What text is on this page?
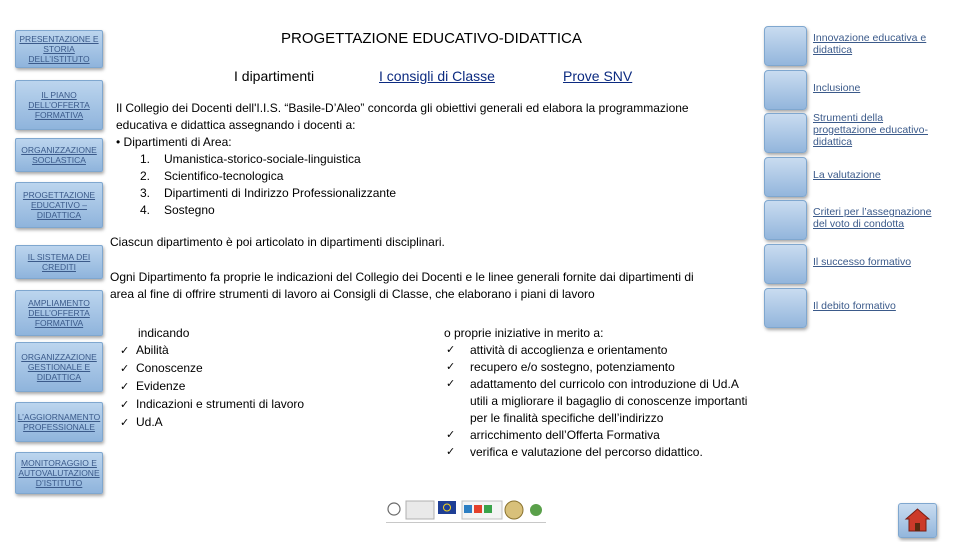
PRESENTAZIONE E STORIA DELL’ISTITUTO
IL PIANO DELL’OFFERTA FORMATIVA
ORGANIZZAZIONE SOCLASTICA
PROGETTAZIONE EDUCATIVO – DIDATTICA
IL SISTEMA DEI CREDITI
AMPLIAMENTO DELL’OFFERTA FORMATIVA
ORGANIZZAZIONE GESTIONALE E DIDATTICA
L’AGGIORNAMENTO PROFESSIONALE
MONITORAGGIO E AUTOVALUTAZIONE D’ISTITUTO
PROGETTAZIONE EDUCATIVO-DIDATTICA
I dipartimenti	I consigli di Classe	Prove SNV
Il Collegio dei Docenti dell'I.I.S. “Basile-D’Aleo” concorda gli obiettivi generali ed elabora la programmazione
educativa e didattica assegnando i docenti a:
• Dipartimenti di Area:
1. Umanistica-storico-sociale-linguistica
2. Scientifico-tecnologica
3. Dipartimenti di Indirizzo Professionalizzante
4. Sostegno
Ciascun dipartimento è poi articolato in dipartimenti disciplinari.
Ogni Dipartimento fa proprie le indicazioni del Collegio dei Docenti e le linee generali fornite dai dipartimenti di
area al fine di offrire strumenti di lavoro ai Consigli di Classe, che elaborano i piani di lavoro
indicando
✓ Abilità
✓ Conoscenze
✓ Evidenze
✓ Indicazioni e strumenti di lavoro
✓ Ud.A
o proprie iniziative in merito a:
✓	attività di accoglienza e orientamento
✓	recupero e/o sostegno, potenziamento
✓	adattamento del curricolo con introduzione di Ud.A utili a migliorare il bagaglio di conoscenze importanti per le finalità specifiche dell’indirizzo
✓	arricchimento dell’Offerta Formativa
✓	verifica e valutazione del percorso didattico.
Innovazione educativa e didattica
Inclusione
Strumenti della progettazione educativo-didattica
La valutazione
Criteri per l’assegnazione del voto di condotta
Il successo formativo
Il debito formativo
